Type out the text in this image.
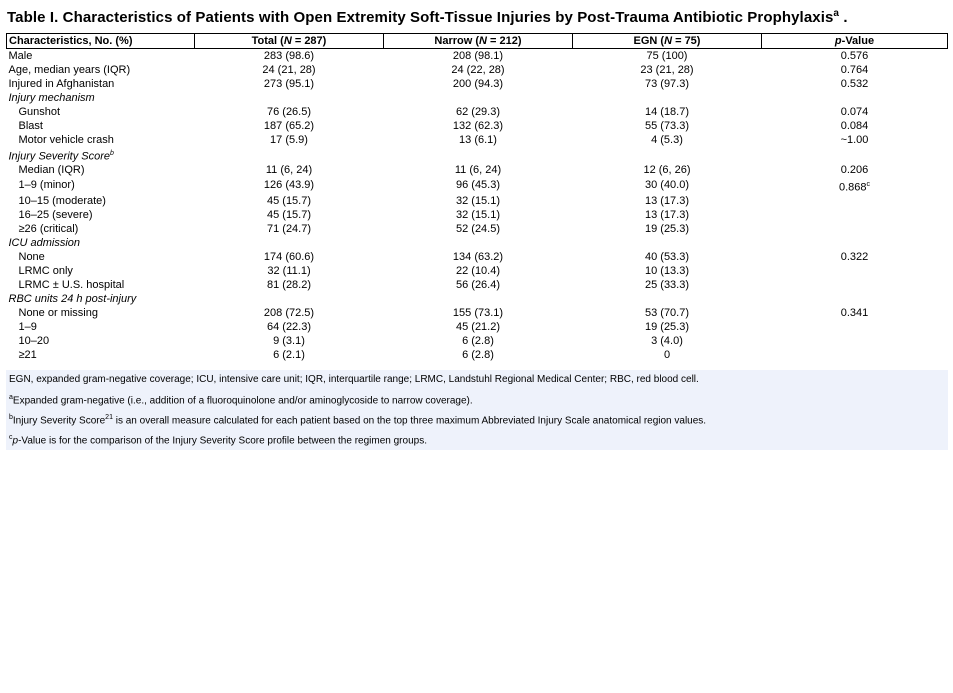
Table I. Characteristics of Patients with Open Extremity Soft-Tissue Injuries by Post-Trauma Antibiotic Prophylaxis$^a$ .
Characteristics, No. (%)	Total (N = 287)	Narrow (N = 212)	EGN (N = 75)	p-Value
Male	283 (98.6)	208 (98.1)	75 (100)	0.576
Age, median years (IQR)	24 (21, 28)	24 (22, 28)	23 (21, 28)	0.764
Injured in Afghanistan	273 (95.1)	200 (94.3)	73 (97.3)	0.532
Injury mechanism				
Gunshot	76 (26.5)	62 (29.3)	14 (18.7)	0.074
Blast	187 (65.2)	132 (62.3)	55 (73.3)	0.084
Motor vehicle crash	17 (5.9)	13 (6.1)	4 (5.3)	~1.00
Injury Severity Score$^b$
Median (IQR)	11 (6, 24)	11 (6, 24)	12 (6, 26)	0.206
1–9 (minor)	126 (43.9)	96 (45.3)	30 (40.0)	0.868$^c$
10–15 (moderate)	45 (15.7)	32 (15.1)	13 (17.3)	
16–25 (severe)	45 (15.7)	32 (15.1)	13 (17.3)	
≥26 (critical)	71 (24.7)	52 (24.5)	19 (25.3)	
ICU admission				
None	174 (60.6)	134 (63.2)	40 (53.3)	0.322
LRMC only	32 (11.1)	22 (10.4)	10 (13.3)	
LRMC ± U.S. hospital	81 (28.2)	56 (26.4)	25 (33.3)	
RBC units 24 h post-injury				
None or missing	208 (72.5)	155 (73.1)	53 (70.7)	0.341
1–9	64 (22.3)	45 (21.2)	19 (25.3)	
10–20	9 (3.1)	6 (2.8)	3 (4.0)	
≥21	6 (2.1)	6 (2.8)	0	
EGN, expanded gram-negative coverage; ICU, intensive care unit; IQR, interquartile range; LRMC, Landstuhl Regional Medical Center; RBC, red blood cell.
$^a$Expanded gram-negative (i.e., addition of a fluoroquinolone and/or aminoglycoside to narrow coverage).
$^b$Injury Severity Score$^{21}$ is an overall measure calculated for each patient based on the top three maximum Abbreviated Injury Scale anatomical region values.
$^c$p-Value is for the comparison of the Injury Severity Score profile between the regimen groups.
